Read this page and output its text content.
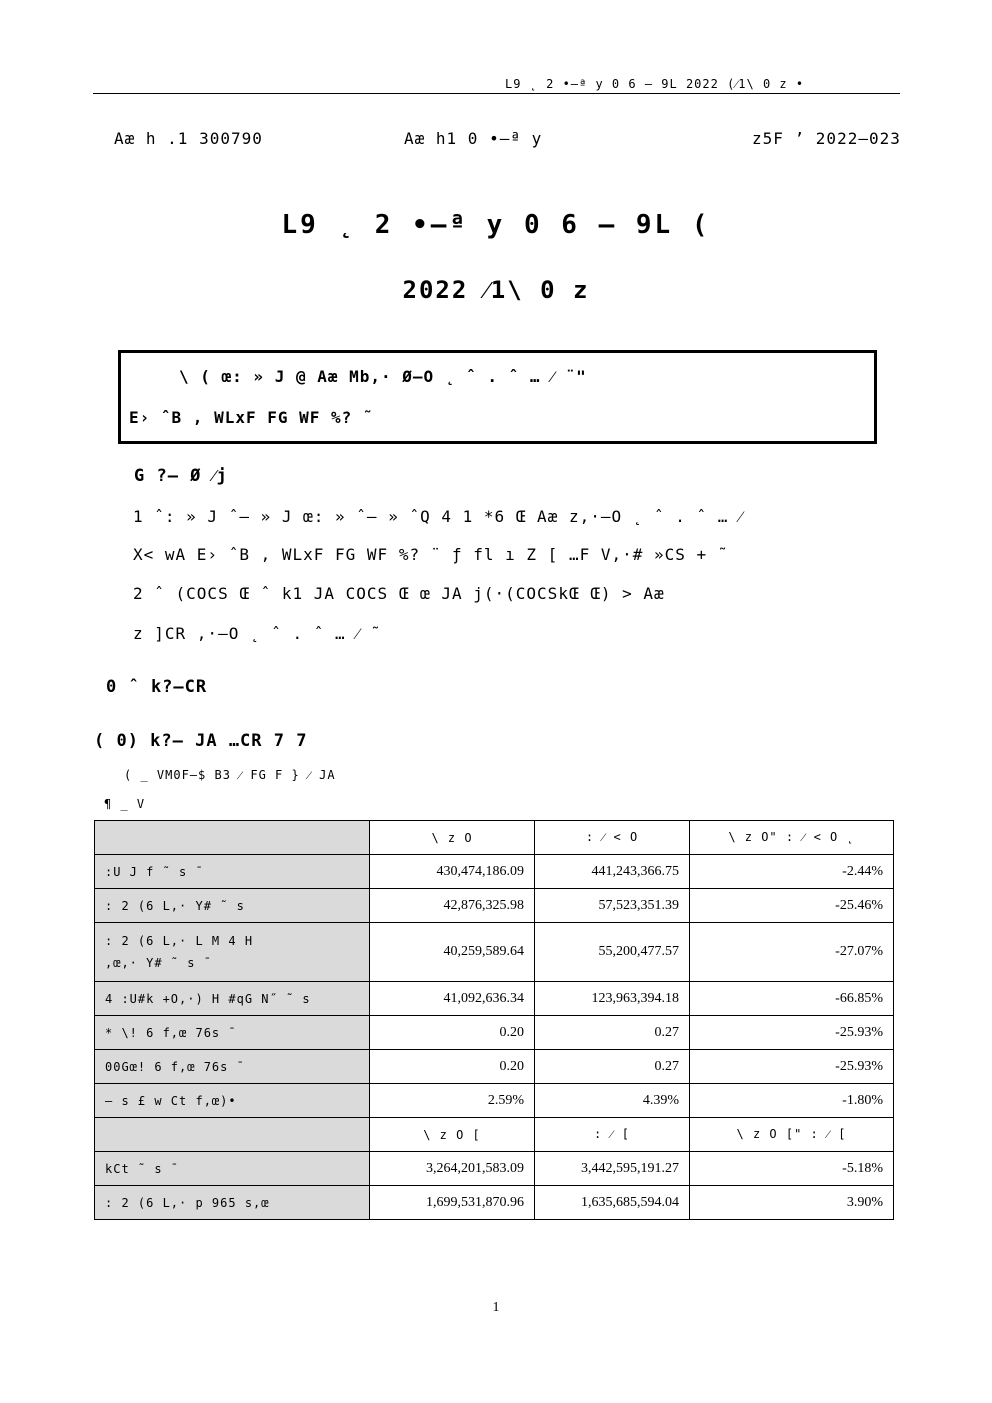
L9 ˛ 2 •–ª y 0 6 – 9L 2022 (⁄1\ 0 z •
Aæ h .1 300790	Aæ h1 0 •–ª y	z5F ’ 2022–023
L9 ˛ 2 •–ª y 0 6 – 9L (
2022 ⁄1\ 0 z
\ ( œ: » J @ Aæ Mb,· Ø–O ˛ ˆ . ˆ … ⁄ ¨"
E› ˆB , WLxF FG WF %? ˜
G ?– Ø ⁄j
1 ˆ: » J ˆ– » J œ: » ˆ– » ˆQ 4 1 *6 Œ Aæ z,·–O ˛ ˆ . ˆ … ⁄
X< wA E› ˆB , WLxF FG WF %? ¨ ƒ fl ı Z [ …F V,·# »CS + ˜
2 ˆ (COCS Œ ˆ k1 JA COCS Œ œ JA j(·(COCSkŒ Œ) > Aæ
z ]CR ,·–O ˛ ˆ . ˆ … ⁄ ˜
0 ˆ k?–CR
( 0) k?– JA …CR 7 7
( _ VM0F–$ B3 ⁄ FG F } ⁄ JA
¶ _ V
	\ z O	: ⁄ < O	\ z O" : ⁄ < O ˛
:U J f ˜ s ¯	430,474,186.09	441,243,366.75	-2.44%
: 2 (6 L,· Y# ˜ s	42,876,325.98	57,523,351.39	-25.46%

: 2 (6 L,· L M 4 H
,œ,· Y# ˜ s ¯	40,259,589.64	55,200,477.57	-27.07%
4 :U#k +O,·) H #qG N˝ ˜ s	41,092,636.34	123,963,394.18	-66.85%
* \! 6 f,œ 76s ¯	0.20	0.27	-25.93%
00Gœ! 6 f,œ 76s ¯	0.20	0.27	-25.93%
– s £ w Ct f,œ)•	2.59%	4.39%	-1.80%
	\ z O [	: ⁄ [	\ z O [" : ⁄ [
kCt ˜ s ¯	3,264,201,583.09	3,442,595,191.27	-5.18%
: 2 (6 L,· p 965 s,œ	1,699,531,870.96	1,635,685,594.04	3.90%
1
